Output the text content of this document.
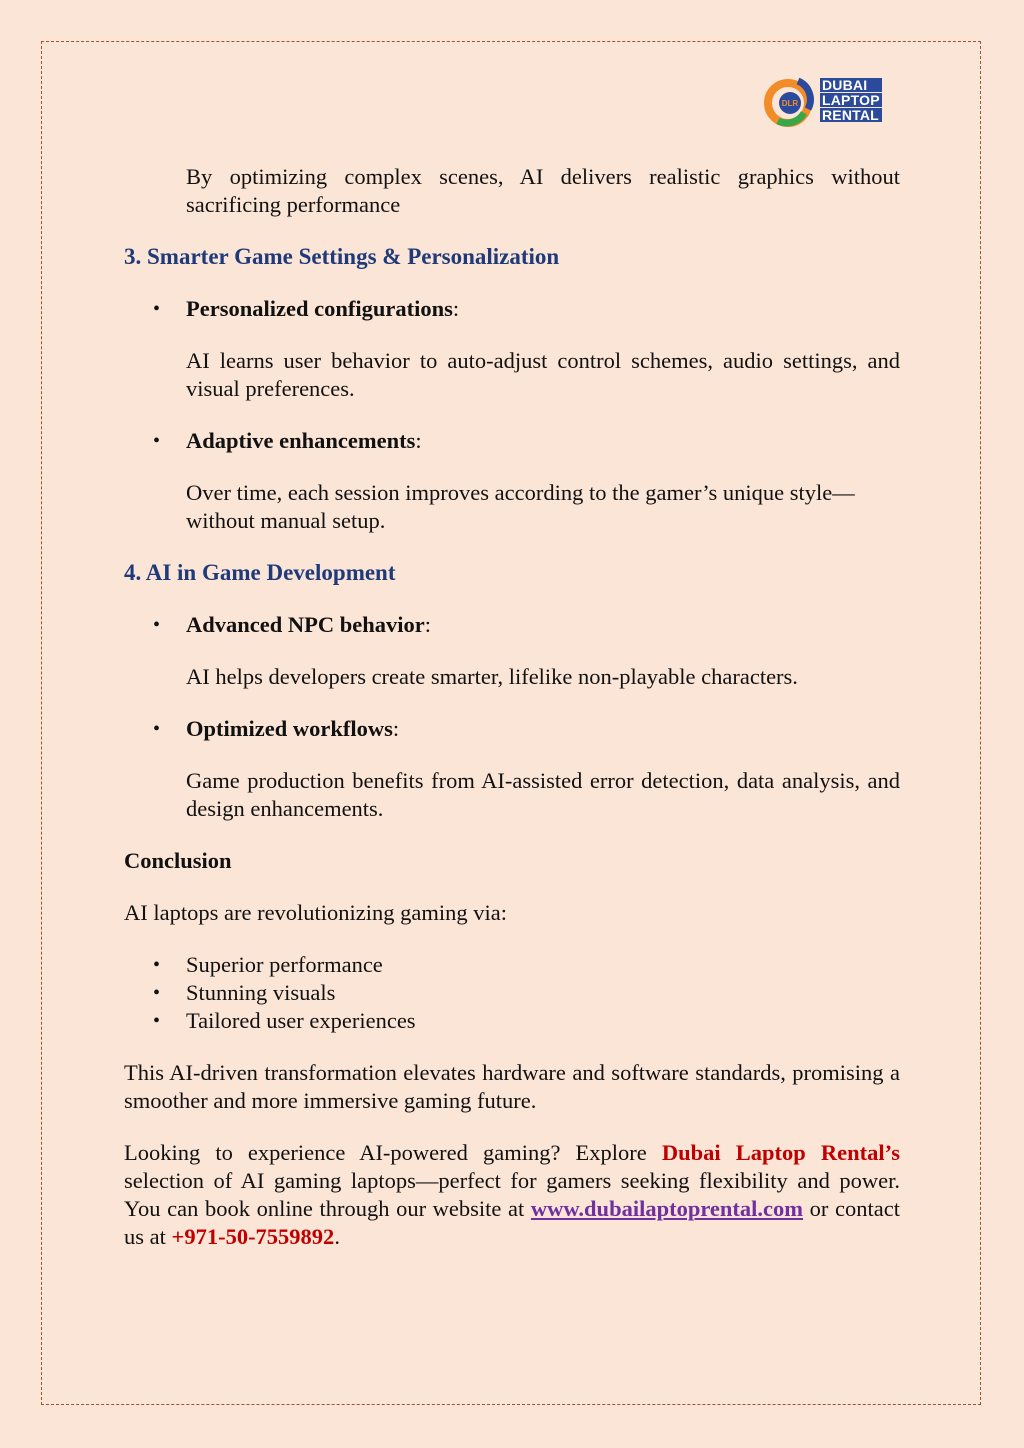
DLR
DUBAI
LAPTOP
RENTAL

By optimizing complex scenes, AI delivers realistic graphics without sacrificing performance

3. Smarter Game Settings & Personalization

• Personalized configurations:

AI learns user behavior to auto-adjust control schemes, audio settings, and visual preferences.

• Adaptive enhancements:

Over time, each session improves according to the gamer’s unique style—without manual setup.

4. AI in Game Development

• Advanced NPC behavior:

AI helps developers create smarter, lifelike non-playable characters.

• Optimized workflows:

Game production benefits from AI-assisted error detection, data analysis, and design enhancements.

Conclusion

AI laptops are revolutionizing gaming via:

• Superior performance

• Stunning visuals

• Tailored user experiences

This AI-driven transformation elevates hardware and software standards, promising a smoother and more immersive gaming future.

Looking to experience AI-powered gaming? Explore Dubai Laptop Rental’s selection of AI gaming laptops—perfect for gamers seeking flexibility and power. You can book online through our website at www.dubailaptoprental.com or contact us at +971-50-7559892.
